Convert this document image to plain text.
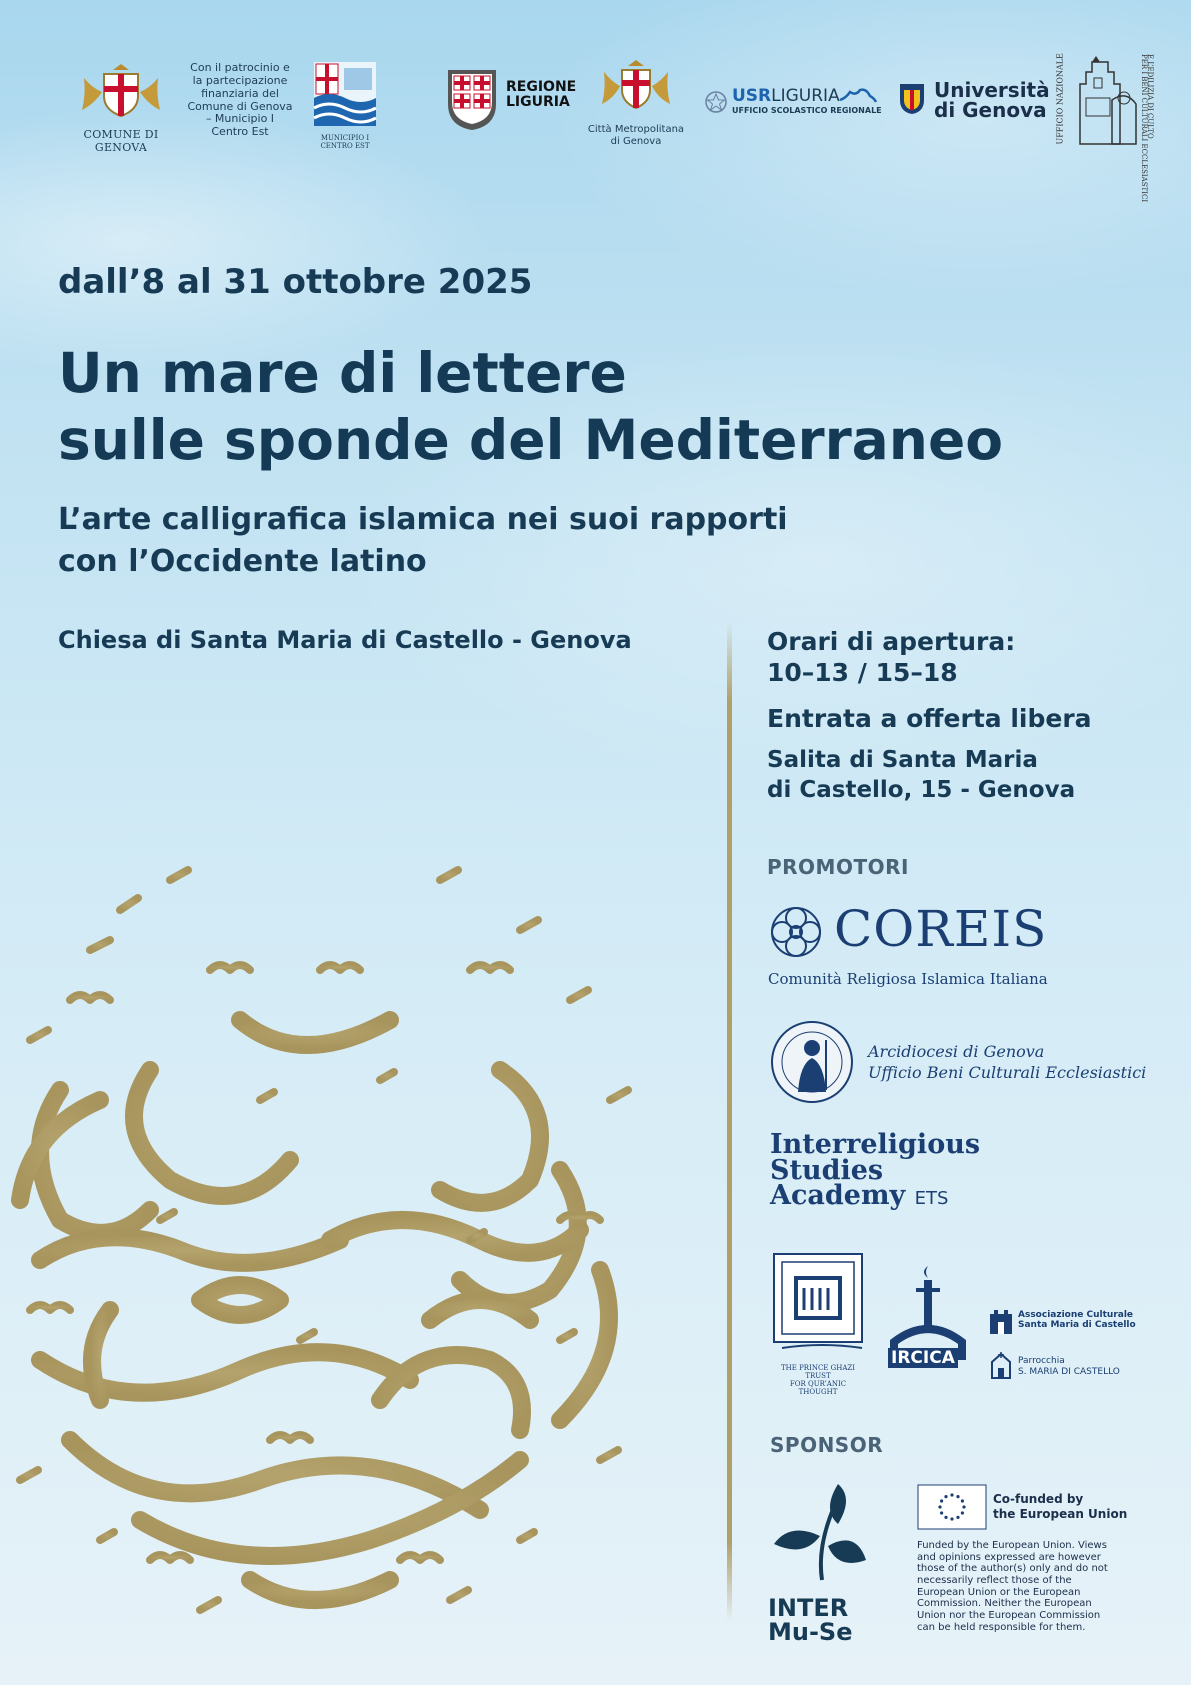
COMUNE DI GENOVA
Con il patrocinio e
la partecipazione
finanziaria del
Comune di Genova
– Municipio I
Centro Est	MUNICIPIO I
CENTRO EST
REGIONE
LIGURIA
Città Metropolitana
di Genova
USRLIGURIA
UFFICIO SCOLASTICO REGIONALE
Università
di Genova	UFFICIO NAZIONALE	PER I BENI CULTURALI ECCLESIASTICI
E L’EDILIZIA DI CULTO
dall’8 al 31 ottobre 2025
Un mare di lettere
sulle sponde del Mediterraneo
L’arte calligrafica islamica nei suoi rapporti
con l’Occidente latino
Chiesa di Santa Maria di Castello - Genova	Orari di apertura:
10–13 / 15–18
Entrata a offerta libera
Salita di Santa Maria
di Castello, 15 - Genova
PROMOTORI
COREIS
Comunità Religiosa Islamica Italiana
Arcidiocesi di Genova
Ufficio Beni Culturali Ecclesiastici
Interreligious
Studies
Academy ETS
THE PRINCE GHAZI TRUST
FOR QUR’ANIC THOUGHT
IRCICA
Associazione Culturale
Santa Maria di Castello
Parrocchia
S. MARIA DI CASTELLO
SPONSOR
INTER
Mu-Se
Co-funded by
the European Union
Funded by the European Union. Views
and opinions expressed are however
those of the author(s) only and do not
necessarily reflect those of the
European Union or the European
Commission. Neither the European
Union nor the European Commission
can be held responsible for them.
